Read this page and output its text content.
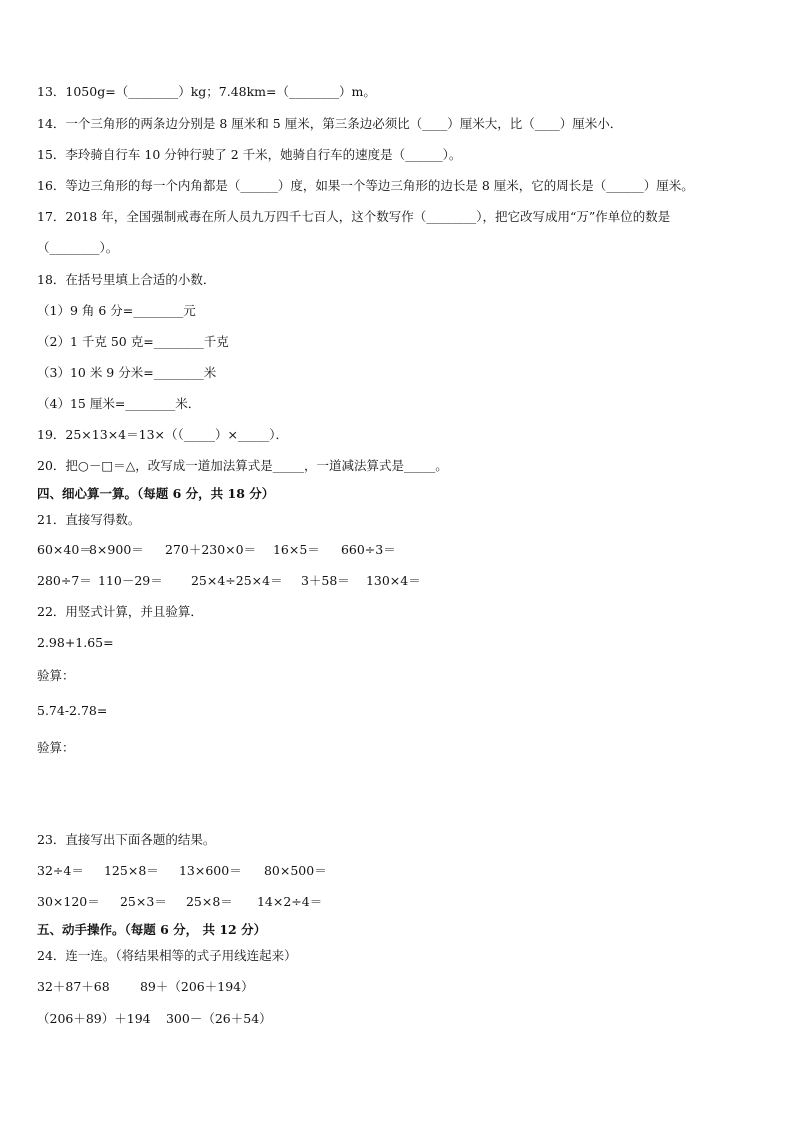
13．1050g=（________）kg；7.48km=（________）m。
14．一个三角形的两条边分别是 8 厘米和 5 厘米，第三条边必须比（____）厘米大，比（____）厘米小．
15．李玲骑自行车 10 分钟行驶了 2 千米，她骑自行车的速度是（______）。
16．等边三角形的每一个内角都是（______）度，如果一个等边三角形的边长是 8 厘米，它的周长是（______）厘米。
17．2018 年，全国强制戒毒在所人员九万四千七百人，这个数写作（________），把它改写成用“万”作单位的数是
（________）。
18．在括号里填上合适的小数．
（1）9 角 6 分=________元
（2）1 千克 50 克=________千克
（3）10 米 9 分米=________米
（4）15 厘米=________米．
19．25×13×4＝13×（（_____）×_____）．
20．把○－□＝△，改写成一道加法算式是_____，一道减法算式是_____。
四、细心算一算。（每题 6 分，共 18 分）
21．直接写得数。
60×40＝ 8×900＝ 270＋230×0＝ 16×5＝ 660÷3＝
280÷7＝ 110－29＝ 25×4÷25×4＝ 3＋58＝ 130×4＝
22．用竖式计算，并且验算．
2.98+1.65=
验算：
5.74-2.78=
验算：
23．直接写出下面各题的结果。
32÷4＝ 125×8＝ 13×600＝ 80×500＝
30×120＝ 25×3＝ 25×8＝ 14×2÷4＝
五、动手操作。（每题 6 分， 共 12 分）
24．连一连。（将结果相等的式子用线连起来）
32＋87＋68 89＋（206＋194）
（206＋89）＋194 300－（26＋54）
